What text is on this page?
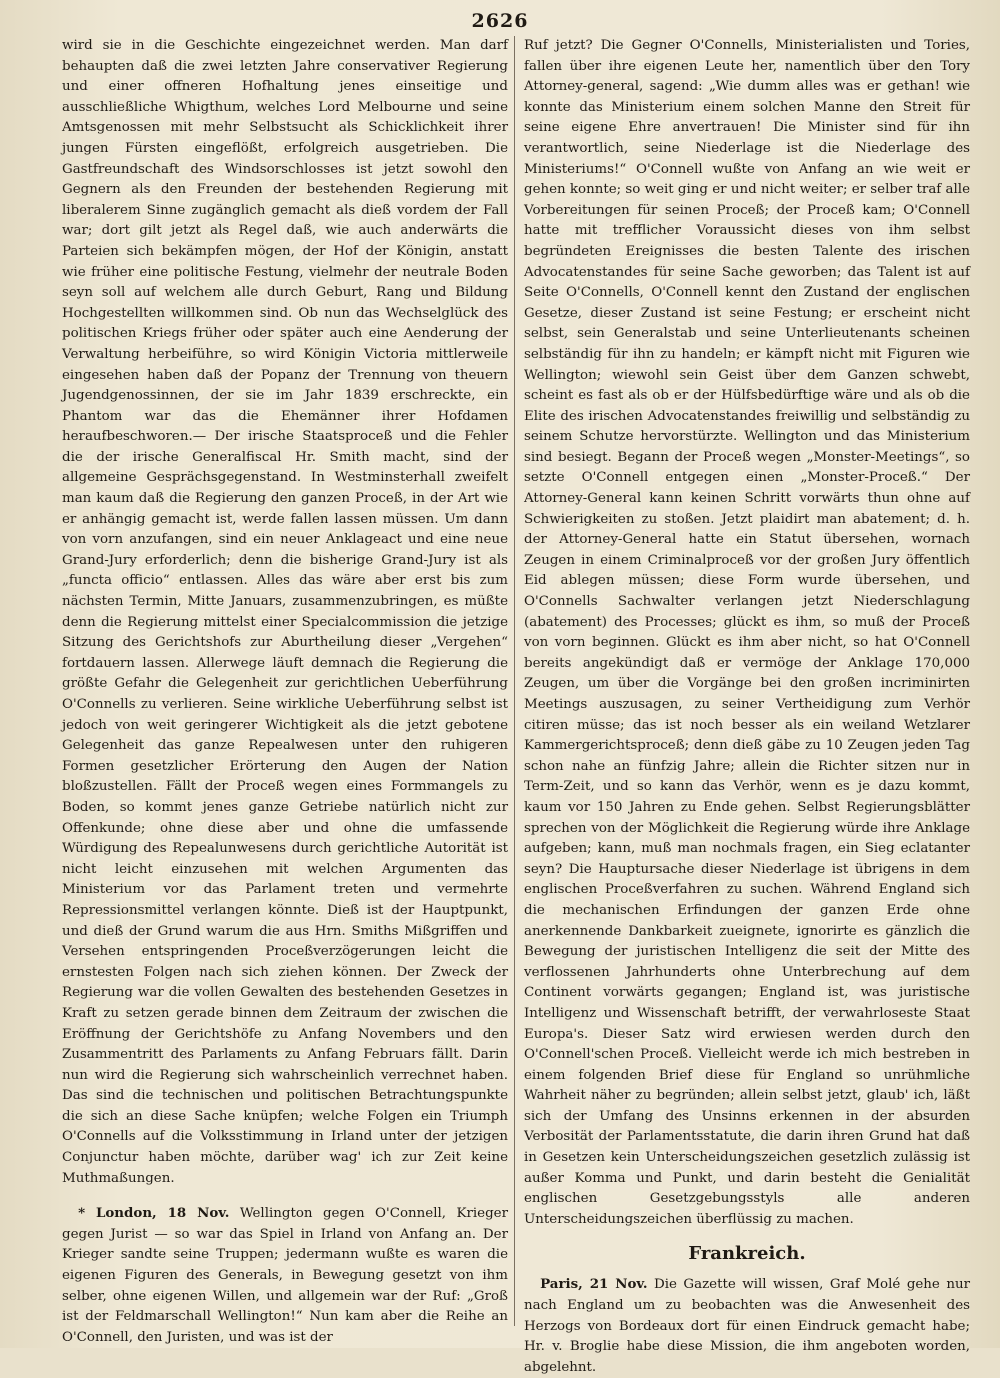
2626

wird sie in die Geschichte eingezeichnet werden. Man darf behaupten daß die zwei letzten Jahre conservativer Regierung und einer offneren Hofhaltung jenes einseitige und ausschließliche Whigthum, welches Lord Melbourne und seine Amtsgenossen mit mehr Selbstsucht als Schicklichkeit ihrer jungen Fürsten eingeflößt, erfolgreich ausgetrieben. Die Gastfreundschaft des Windsorschlosses ist jetzt sowohl den Gegnern als den Freunden der bestehenden Regierung mit liberalerem Sinne zugänglich gemacht als dieß vordem der Fall war; dort gilt jetzt als Regel daß, wie auch anderwärts die Parteien sich bekämpfen mögen, der Hof der Königin, anstatt wie früher eine politische Festung, vielmehr der neutrale Boden seyn soll auf welchem alle durch Geburt, Rang und Bildung Hochgestellten willkommen sind. Ob nun das Wechselglück des politischen Kriegs früher oder später auch eine Aenderung der Verwaltung herbeiführe, so wird Königin Victoria mittlerweile eingesehen haben daß der Popanz der Trennung von theuern Jugendgenossinnen, der sie im Jahr 1839 erschreckte, ein Phantom war das die Ehemänner ihrer Hofdamen heraufbeschworen.— Der irische Staatsproceß und die Fehler die der irische Generalfiscal Hr. Smith macht, sind der allgemeine Gesprächsgegenstand. In Westminsterhall zweifelt man kaum daß die Regierung den ganzen Proceß, in der Art wie er anhängig gemacht ist, werde fallen lassen müssen. Um dann von vorn anzufangen, sind ein neuer Anklageact und eine neue Grand-Jury erforderlich; denn die bisherige Grand-Jury ist als „functa officio“ entlassen. Alles das wäre aber erst bis zum nächsten Termin, Mitte Januars, zusammenzubringen, es müßte denn die Regierung mittelst einer Specialcommission die jetzige Sitzung des Gerichtshofs zur Aburtheilung dieser „Vergehen“ fortdauern lassen. Allerwege läuft demnach die Regierung die größte Gefahr die Gelegenheit zur gerichtlichen Ueberführung O'Connells zu verlieren. Seine wirkliche Ueberführung selbst ist jedoch von weit geringerer Wichtigkeit als die jetzt gebotene Gelegenheit das ganze Repealwesen unter den ruhigeren Formen gesetzlicher Erörterung den Augen der Nation bloßzustellen. Fällt der Proceß wegen eines Formmangels zu Boden, so kommt jenes ganze Getriebe natürlich nicht zur Offenkunde; ohne diese aber und ohne die umfassende Würdigung des Repealunwesens durch gerichtliche Autorität ist nicht leicht einzusehen mit welchen Argumenten das Ministerium vor das Parlament treten und vermehrte Repressionsmittel verlangen könnte. Dieß ist der Hauptpunkt, und dieß der Grund warum die aus Hrn. Smiths Mißgriffen und Versehen entspringenden Proceßverzögerungen leicht die ernstesten Folgen nach sich ziehen können. Der Zweck der Regierung war die vollen Gewalten des bestehenden Gesetzes in Kraft zu setzen gerade binnen dem Zeitraum der zwischen die Eröffnung der Gerichtshöfe zu Anfang Novembers und den Zusammentritt des Parlaments zu Anfang Februars fällt. Darin nun wird die Regierung sich wahrscheinlich verrechnet haben. Das sind die technischen und politischen Betrachtungspunkte die sich an diese Sache knüpfen; welche Folgen ein Triumph O'Connells auf die Volksstimmung in Irland unter der jetzigen Conjunctur haben möchte, darüber wag' ich zur Zeit keine Muthmaßungen.

* London, 18 Nov. Wellington gegen O'Connell, Krieger gegen Jurist — so war das Spiel in Irland von Anfang an. Der Krieger sandte seine Truppen; jedermann wußte es waren die eigenen Figuren des Generals, in Bewegung gesetzt von ihm selber, ohne eigenen Willen, und allgemein war der Ruf: „Groß ist der Feldmarschall Wellington!“ Nun kam aber die Reihe an O'Connell, den Juristen, und was ist der

Ruf jetzt? Die Gegner O'Connells, Ministerialisten und Tories, fallen über ihre eigenen Leute her, namentlich über den Tory Attorney-general, sagend: „Wie dumm alles was er gethan! wie konnte das Ministerium einem solchen Manne den Streit für seine eigene Ehre anvertrauen! Die Minister sind für ihn verantwortlich, seine Niederlage ist die Niederlage des Ministeriums!“ O'Connell wußte von Anfang an wie weit er gehen konnte; so weit ging er und nicht weiter; er selber traf alle Vorbereitungen für seinen Proceß; der Proceß kam; O'Connell hatte mit trefflicher Voraussicht dieses von ihm selbst begründeten Ereignisses die besten Talente des irischen Advocatenstandes für seine Sache geworben; das Talent ist auf Seite O'Connells, O'Connell kennt den Zustand der englischen Gesetze, dieser Zustand ist seine Festung; er erscheint nicht selbst, sein Generalstab und seine Unterlieutenants scheinen selbständig für ihn zu handeln; er kämpft nicht mit Figuren wie Wellington; wiewohl sein Geist über dem Ganzen schwebt, scheint es fast als ob er der Hülfsbedürftige wäre und als ob die Elite des irischen Advocatenstandes freiwillig und selbständig zu seinem Schutze hervorstürzte. Wellington und das Ministerium sind besiegt. Begann der Proceß wegen „Monster-Meetings“, so setzte O'Connell entgegen einen „Monster-Proceß.“ Der Attorney-General kann keinen Schritt vorwärts thun ohne auf Schwierigkeiten zu stoßen. Jetzt plaidirt man abatement; d. h. der Attorney-General hatte ein Statut übersehen, wornach Zeugen in einem Criminalproceß vor der großen Jury öffentlich Eid ablegen müssen; diese Form wurde übersehen, und O'Connells Sachwalter verlangen jetzt Niederschlagung (abatement) des Processes; glückt es ihm, so muß der Proceß von vorn beginnen. Glückt es ihm aber nicht, so hat O'Connell bereits angekündigt daß er vermöge der Anklage 170,000 Zeugen, um über die Vorgänge bei den großen incriminirten Meetings auszusagen, zu seiner Vertheidigung zum Verhör citiren müsse; das ist noch besser als ein weiland Wetzlarer Kammergerichtsproceß; denn dieß gäbe zu 10 Zeugen jeden Tag schon nahe an fünfzig Jahre; allein die Richter sitzen nur in Term-Zeit, und so kann das Verhör, wenn es je dazu kommt, kaum vor 150 Jahren zu Ende gehen. Selbst Regierungsblätter sprechen von der Möglichkeit die Regierung würde ihre Anklage aufgeben; kann, muß man nochmals fragen, ein Sieg eclatanter seyn? Die Hauptursache dieser Niederlage ist übrigens in dem englischen Proceßverfahren zu suchen. Während England sich die mechanischen Erfindungen der ganzen Erde ohne anerkennende Dankbarkeit zueignete, ignorirte es gänzlich die Bewegung der juristischen Intelligenz die seit der Mitte des verflossenen Jahrhunderts ohne Unterbrechung auf dem Continent vorwärts gegangen; England ist, was juristische Intelligenz und Wissenschaft betrifft, der verwahrloseste Staat Europa's. Dieser Satz wird erwiesen werden durch den O'Connell'schen Proceß. Vielleicht werde ich mich bestreben in einem folgenden Brief diese für England so unrühmliche Wahrheit näher zu begründen; allein selbst jetzt, glaub' ich, läßt sich der Umfang des Unsinns erkennen in der absurden Verbosität der Parlamentsstatute, die darin ihren Grund hat daß in Gesetzen kein Unterscheidungszeichen gesetzlich zulässig ist außer Komma und Punkt, und darin besteht die Genialität englischen Gesetzgebungsstyls alle anderen Unterscheidungszeichen überflüssig zu machen.

Frankreich.

Paris, 21 Nov. Die Gazette will wissen, Graf Molé gehe nur nach England um zu beobachten was die Anwesenheit des Herzogs von Bordeaux dort für einen Eindruck gemacht habe; Hr. v. Broglie habe diese Mission, die ihm angeboten worden, abgelehnt.
